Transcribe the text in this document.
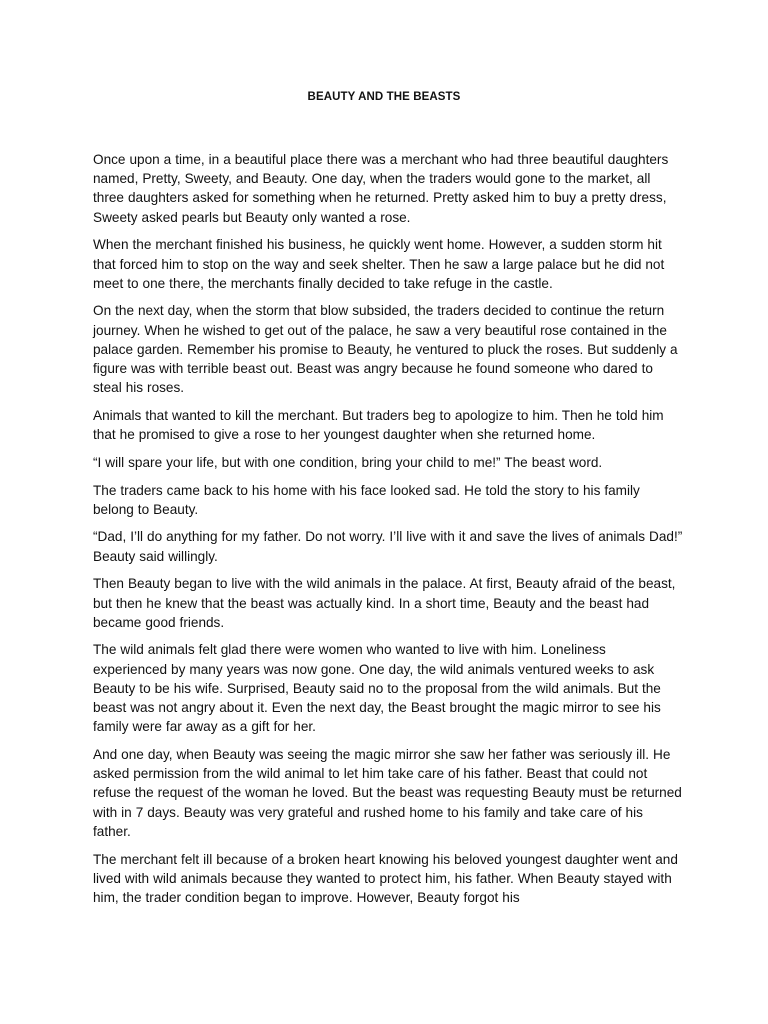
BEAUTY AND THE BEASTS

Once upon a time, in a beautiful place there was a merchant who had three beautiful daughters named, Pretty, Sweety, and Beauty. One day, when the traders would gone to the market, all three daughters asked for something when he returned. Pretty asked him to buy a pretty dress, Sweety asked pearls but Beauty only wanted a rose.

When the merchant finished his business, he quickly went home. However, a sudden storm hit that forced him to stop on the way and seek shelter. Then he saw a large palace but he did not meet to one there, the merchants finally decided to take refuge in the castle.

On the next day, when the storm that blow subsided, the traders decided to continue the return journey. When he wished to get out of the palace, he saw a very beautiful rose contained in the palace garden. Remember his promise to Beauty, he ventured to pluck the roses. But suddenly a figure was with terrible beast out. Beast was angry because he found someone who dared to steal his roses.

Animals that wanted to kill the merchant. But traders beg to apologize to him. Then he told him that he promised to give a rose to her youngest daughter when she returned home.

“I will spare your life, but with one condition, bring your child to me!” The beast word.

The traders came back to his home with his face looked sad. He told the story to his family belong to Beauty.

“Dad, I’ll do anything for my father. Do not worry. I’ll live with it and save the lives of animals Dad!” Beauty said willingly.

Then Beauty began to live with the wild animals in the palace. At first, Beauty afraid of the beast, but then he knew that the beast was actually kind. In a short time, Beauty and the beast had became good friends.

The wild animals felt glad there were women who wanted to live with him. Loneliness experienced by many years was now gone. One day, the wild animals ventured weeks to ask Beauty to be his wife. Surprised, Beauty said no to the proposal from the wild animals. But the beast was not angry about it. Even the next day, the Beast brought the magic mirror to see his family were far away as a gift for her.

And one day, when Beauty was seeing the magic mirror she saw her father was seriously ill. He asked permission from the wild animal to let him take care of his father. Beast that could not refuse the request of the woman he loved. But the beast was requesting Beauty must be returned with in 7 days. Beauty was very grateful and rushed home to his family and take care of his father.

The merchant felt ill because of a broken heart knowing his beloved youngest daughter went and lived with wild animals because they wanted to protect him, his father. When Beauty stayed with him, the trader condition began to improve. However, Beauty forgot his
